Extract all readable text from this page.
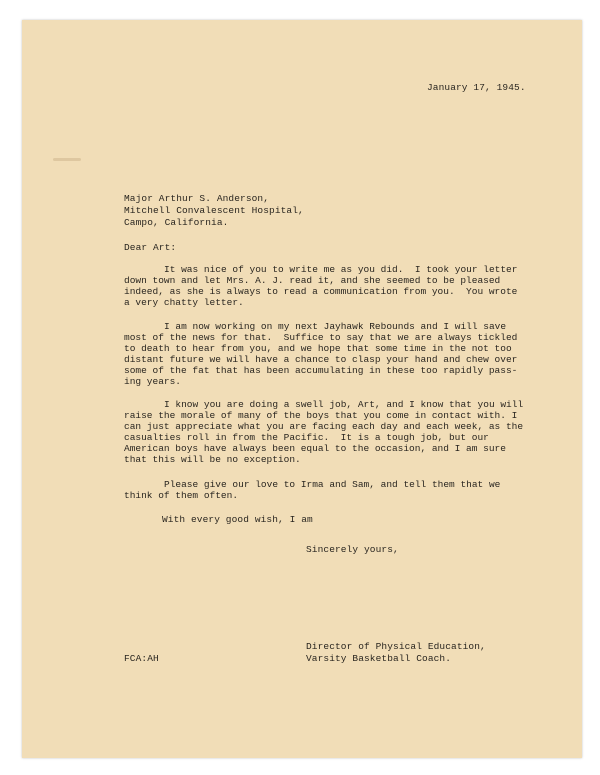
January 17, 1945.
Major Arthur S. Anderson,
Mitchell Convalescent Hospital,
Campo, California.
Dear Art:
It was nice of you to write me as you did.  I took your letter
down town and let Mrs. A. J. read it, and she seemed to be pleased
indeed, as she is always to read a communication from you.  You wrote
a very chatty letter.
I am now working on my next Jayhawk Rebounds and I will save
most of the news for that.  Suffice to say that we are always tickled
to death to hear from you, and we hope that some time in the not too
distant future we will have a chance to clasp your hand and chew over
some of the fat that has been accumulating in these too rapidly pass-
ing years.
I know you are doing a swell job, Art, and I know that you will
raise the morale of many of the boys that you come in contact with. I
can just appreciate what you are facing each day and each week, as the
casualties roll in from the Pacific.  It is a tough job, but our
American boys have always been equal to the occasion, and I am sure
that this will be no exception.
Please give our love to Irma and Sam, and tell them that we
think of them often.
With every good wish, I am
Sincerely yours,
Director of Physical Education,
Varsity Basketball Coach.
FCA:AH
